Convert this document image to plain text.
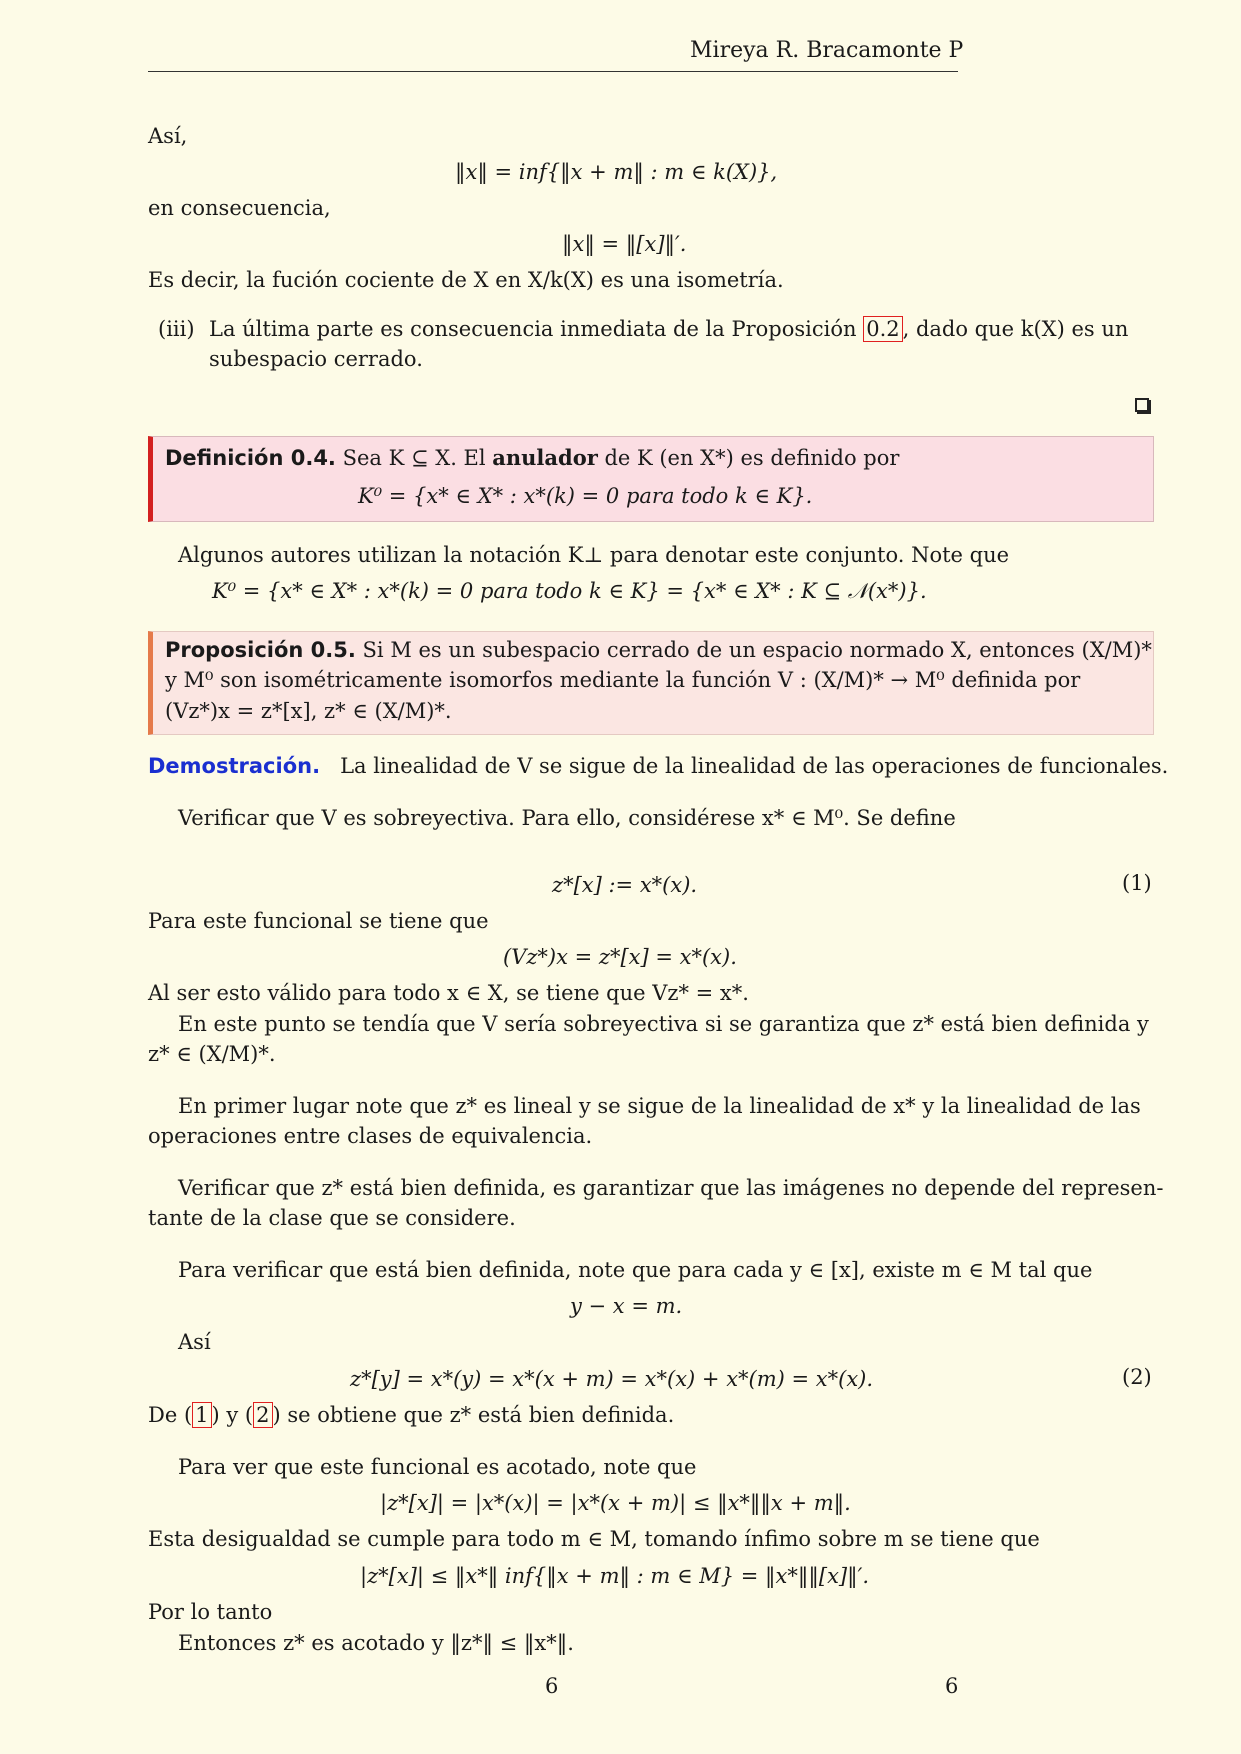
Mireya R. Bracamonte P
Así,
‖x‖ = inf{‖x + m‖ : m ∈ k(X)},
en consecuencia,
‖x‖ = ‖[x]‖′.
Es decir, la fución cociente de X en X/k(X) es una isometría.
(iii) La última parte es consecuencia inmediata de la Proposición 0.2 , dado que k(X) es un
subespacio cerrado.
Definición 0.4. Sea K ⊆ X. El anulador de K (en X*) es definido por
K⁰ = {x* ∈ X* : x*(k) = 0 para todo k ∈ K}.
Algunos autores utilizan la notación K⊥ para denotar este conjunto. Note que
K⁰ = {x* ∈ X* : x*(k) = 0 para todo k ∈ K} = {x* ∈ X* : K ⊆ 𝒩(x*)}.
Proposición 0.5. Si M es un subespacio cerrado de un espacio normado X, entonces (X/M)*
y M⁰ son isométricamente isomorfos mediante la función V : (X/M)* → M⁰ definida por
(Vz*)x = z*[x], z* ∈ (X/M)*.
Demostración. La linealidad de V se sigue de la linealidad de las operaciones de funcionales.
Verificar que V es sobreyectiva. Para ello, considérese x* ∈ M⁰. Se define
z*[x] := x*(x).	(1)
Para este funcional se tiene que
(Vz*)x = z*[x] = x*(x).
Al ser esto válido para todo x ∈ X, se tiene que Vz* = x*.
En este punto se tendía que V sería sobreyectiva si se garantiza que z* está bien definida y
z* ∈ (X/M)*.
En primer lugar note que z* es lineal y se sigue de la linealidad de x* y la linealidad de las
operaciones entre clases de equivalencia.
Verificar que z* está bien definida, es garantizar que las imágenes no depende del represen-
tante de la clase que se considere.
Para verificar que está bien definida, note que para cada y ∈ [x], existe m ∈ M tal que
y − x = m.
Así
z*[y] = x*(y) = x*(x + m) = x*(x) + x*(m) = x*(x).	(2)
De ( 1 ) y ( 2 ) se obtiene que z* está bien definida.
Para ver que este funcional es acotado, note que
|z*[x]| = |x*(x)| = |x*(x + m)| ≤ ‖x*‖‖x + m‖.
Esta desigualdad se cumple para todo m ∈ M, tomando ínfimo sobre m se tiene que
|z*[x]| ≤ ‖x*‖ inf{‖x + m‖ : m ∈ M} = ‖x*‖‖[x]‖′.
Por lo tanto
Entonces z* es acotado y ‖z*‖ ≤ ‖x*‖.
6	6
